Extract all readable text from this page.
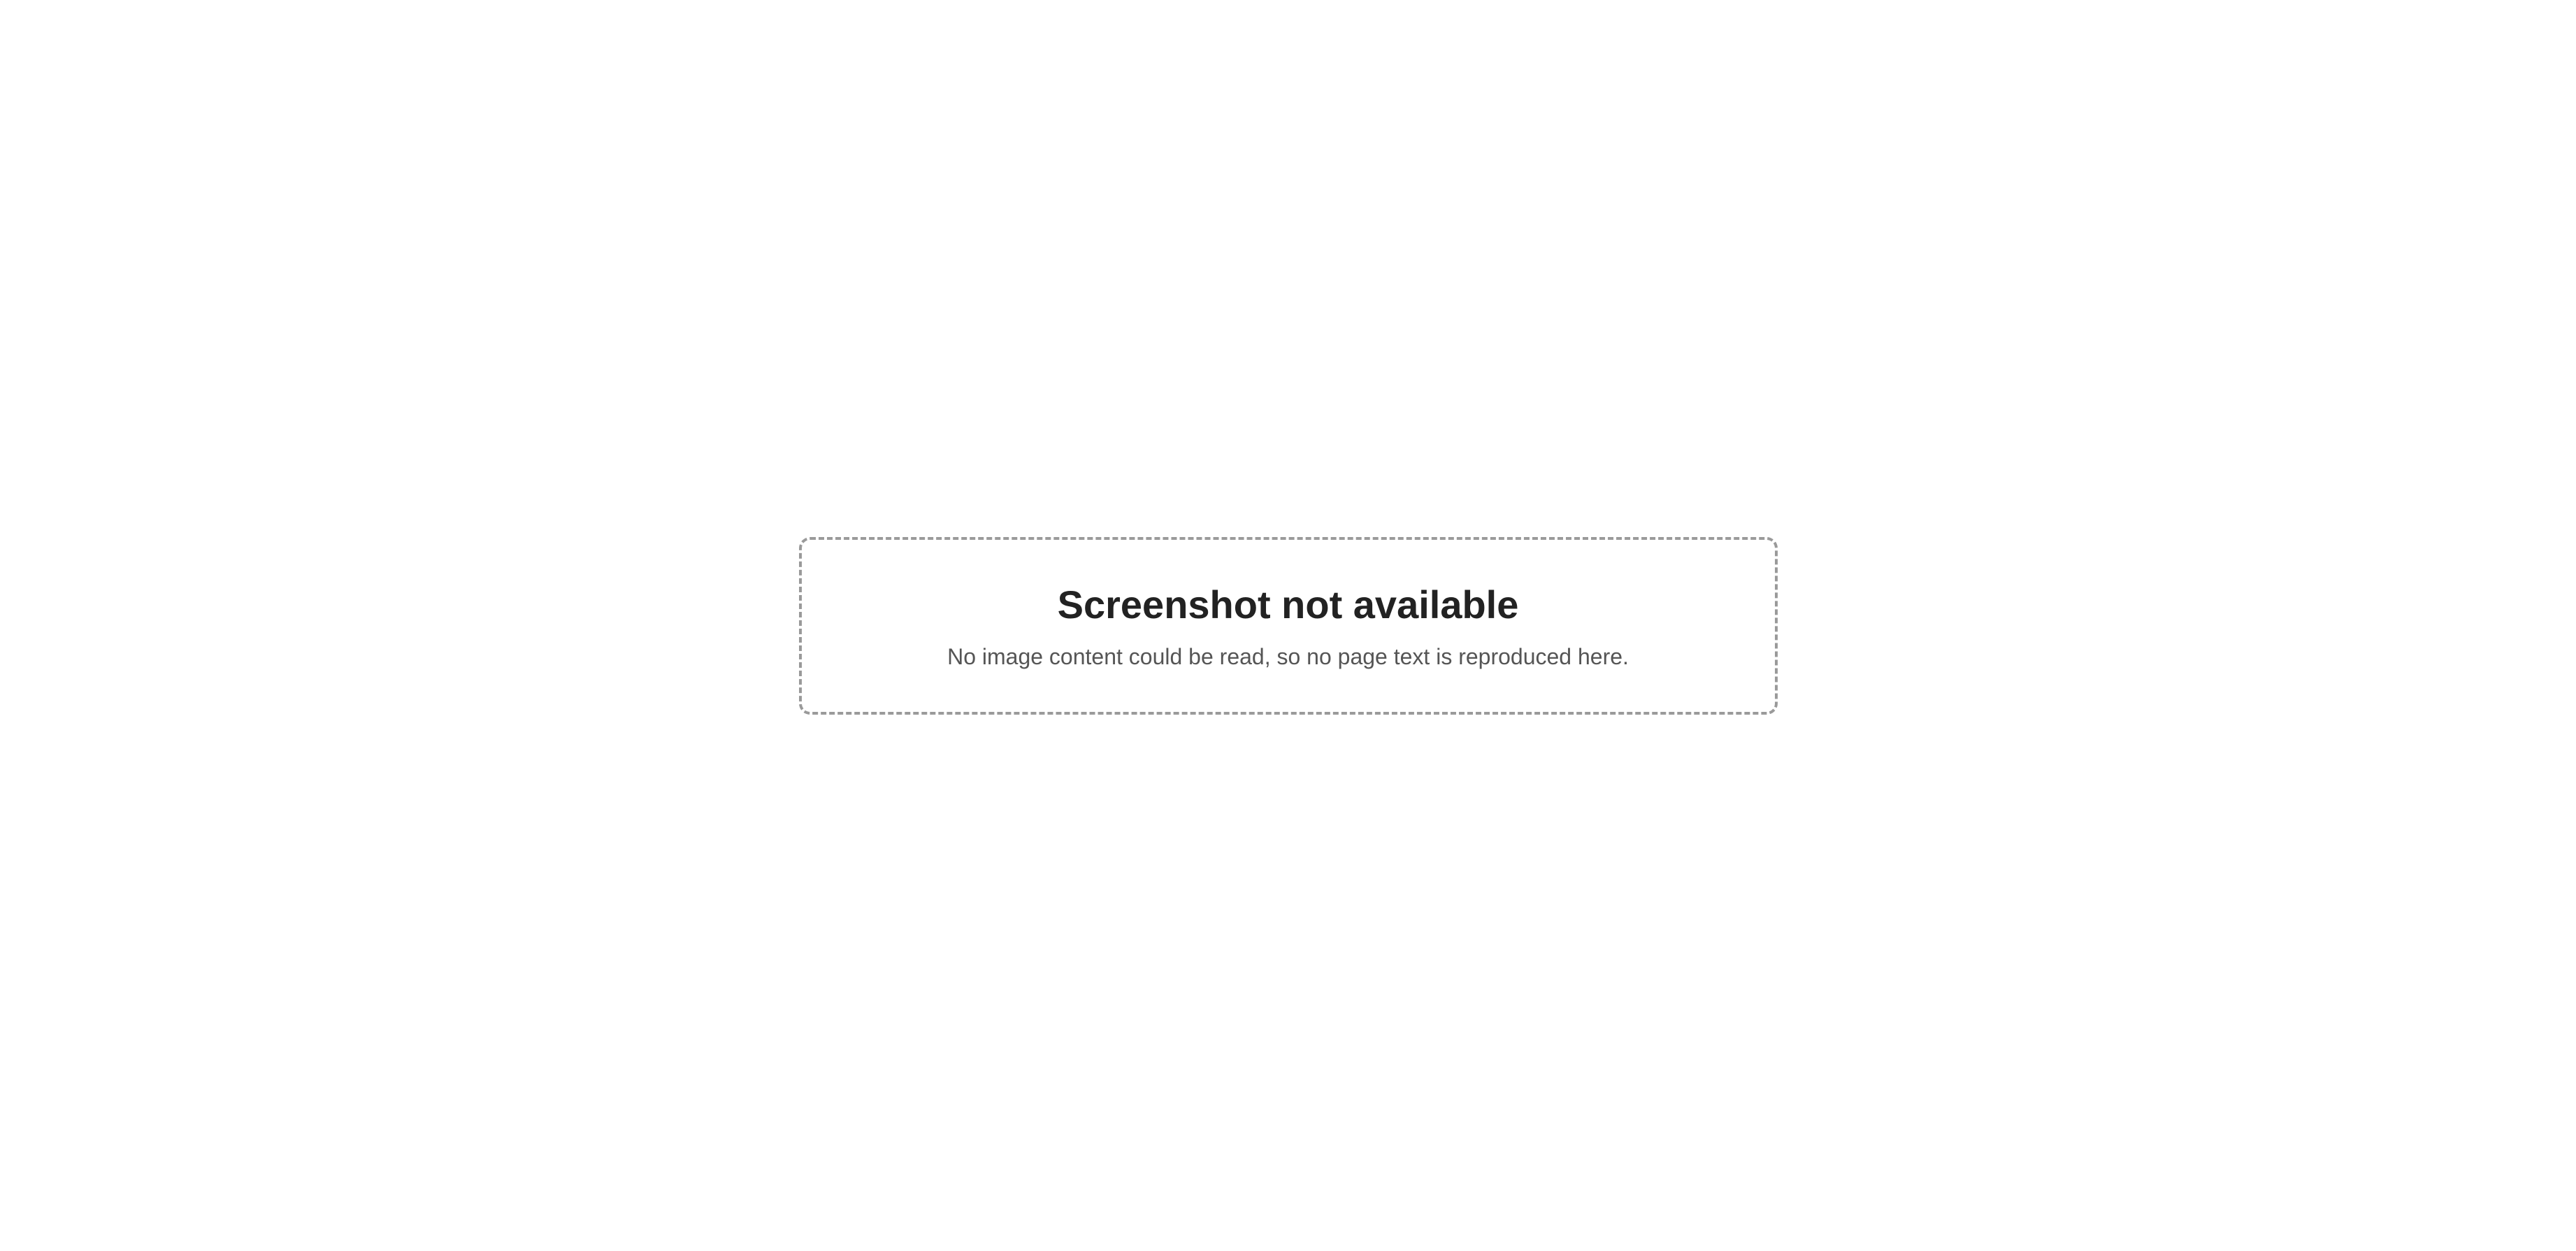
Screenshot not available

No image content could be read, so no page text is reproduced here.
